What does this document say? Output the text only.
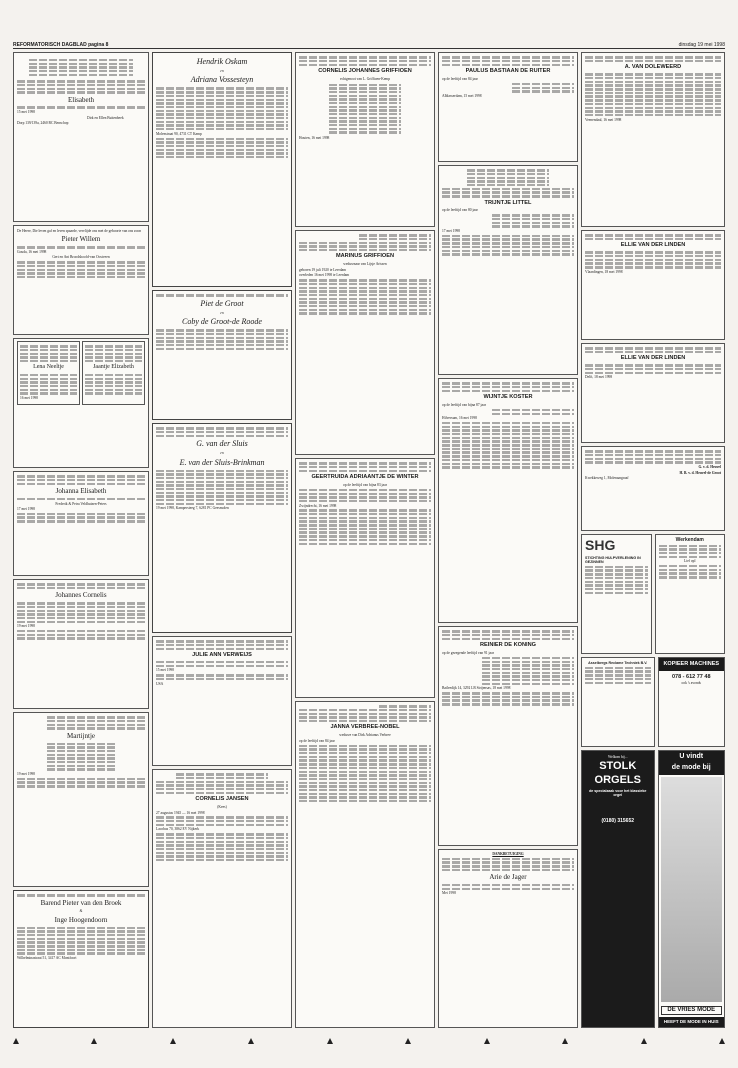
REFORMATORISCH DAGBLAD pagina 8	dinsdag 19 mei 1998
Elisabeth

15 mei 1998

Dirk en Ellen Buitenbeek

Dorp 139/139a, 2460 BC Benschop

De Heere, Die leven gaf en leven spaarde, vervlijde ons met de geboorte van ons zoon

Pieter Willem

Gouda, 16 mei 1998

Gert en Ant Broodshoofd-van Oostveen

Lena Neeltje

16 mei 1998

Jaantje Elizabeth
Johanna Elisabeth

Frederik & Petra Veldhuizen-Peters

17 mei 1998

Johannes Cornelis

19 mei 1998

Martijntje

19 mei 1998

Barend Pieter van den Broek
&
Inge Hoogendoorn

Wilhelminastraat 51, 3417 AC Montfoort

Hendrik Oskam
en
Adriana Vossesteyn

Molenstraat 90, 4731 CT Kamp

Piet de Groot
en
Coby de Groot-de Roode
G. van der Sluis
en
E. van der Sluis-Brinkman

19 mei 1998, Kampersteeg 7, 6281 PC Geesmolen

JULIE ANN VERWEIJS

15 mei 1998

USA

CORNELIS JANSEN
(Kees)

27 augustus 1945 — 16 mei 1998

Lacobus 70, 3862 EV Nijkerk

CORNELIS JOHANNES GRIFFIOEN
echtgenoot van L. Griffioen-Kemp

Houten, 16 mei 1998

MARINUS GRIFFIOEN
weduwnaar van Lijsje Arissen

geboren 19 juli 1920 te Leerdam

overleden 16 mei 1998 te Leerdam

GEERTRUIDA ADRIAANTJE DE WINTER
op de leeftijd van bijna 83 jaar

Zwijndrecht, 16 mei 1998

JANNA VERBREE-NOBEL
weduwe van Dirk Adrianus Verbree

op de leeftijd van 84 jaar

PAULUS BASTIAAN DE RUITER

op de leeftijd van 84 jaar

Alblasserdam, 15 mei 1998

TRIJNTJE LITTEL

op de leeftijd van 80 jaar

17 mei 1998

WIJNTJE KOSTER

op de leeftijd van bijna 87 jaar

Hilversum, 16 mei 1998

REINIER DE KONING

op de gezegende leeftijd van 91 jaar

Baileedijk 14, 3292 LB Strijensas, 18 mei 1998

DANKBETUIGING
Arie de Jager

Mei 1998

A. VAN DOLEWEERD

Veenendaal, 16 mei 1998

ELLIE VAN DER LINDEN

Vlaardingen, 18 mei 1998

ELLIE VAN DER LINDEN

Delft, 18 mei 1998

G. v. d. Heuvel

H. B. v. d. Heuvel-de Groot

Kwekkeweg 1, Molenaargraaf

SHG

STICHTING HULPVERLENING IN GEZINNEN

Werkendam

Lief opl

Asselbergs Reclame Techniek B.V.	KOPIEER MACHINES
078 - 612 77 48
ook 's avonds

Welkom bij...

STOLK
ORGELS

de specialzaak voor het klassieke orgel

(0180) 315652
U vindt
de mode bij
DE VRIES MODE
HEEFT DE MODE IN HUIS
